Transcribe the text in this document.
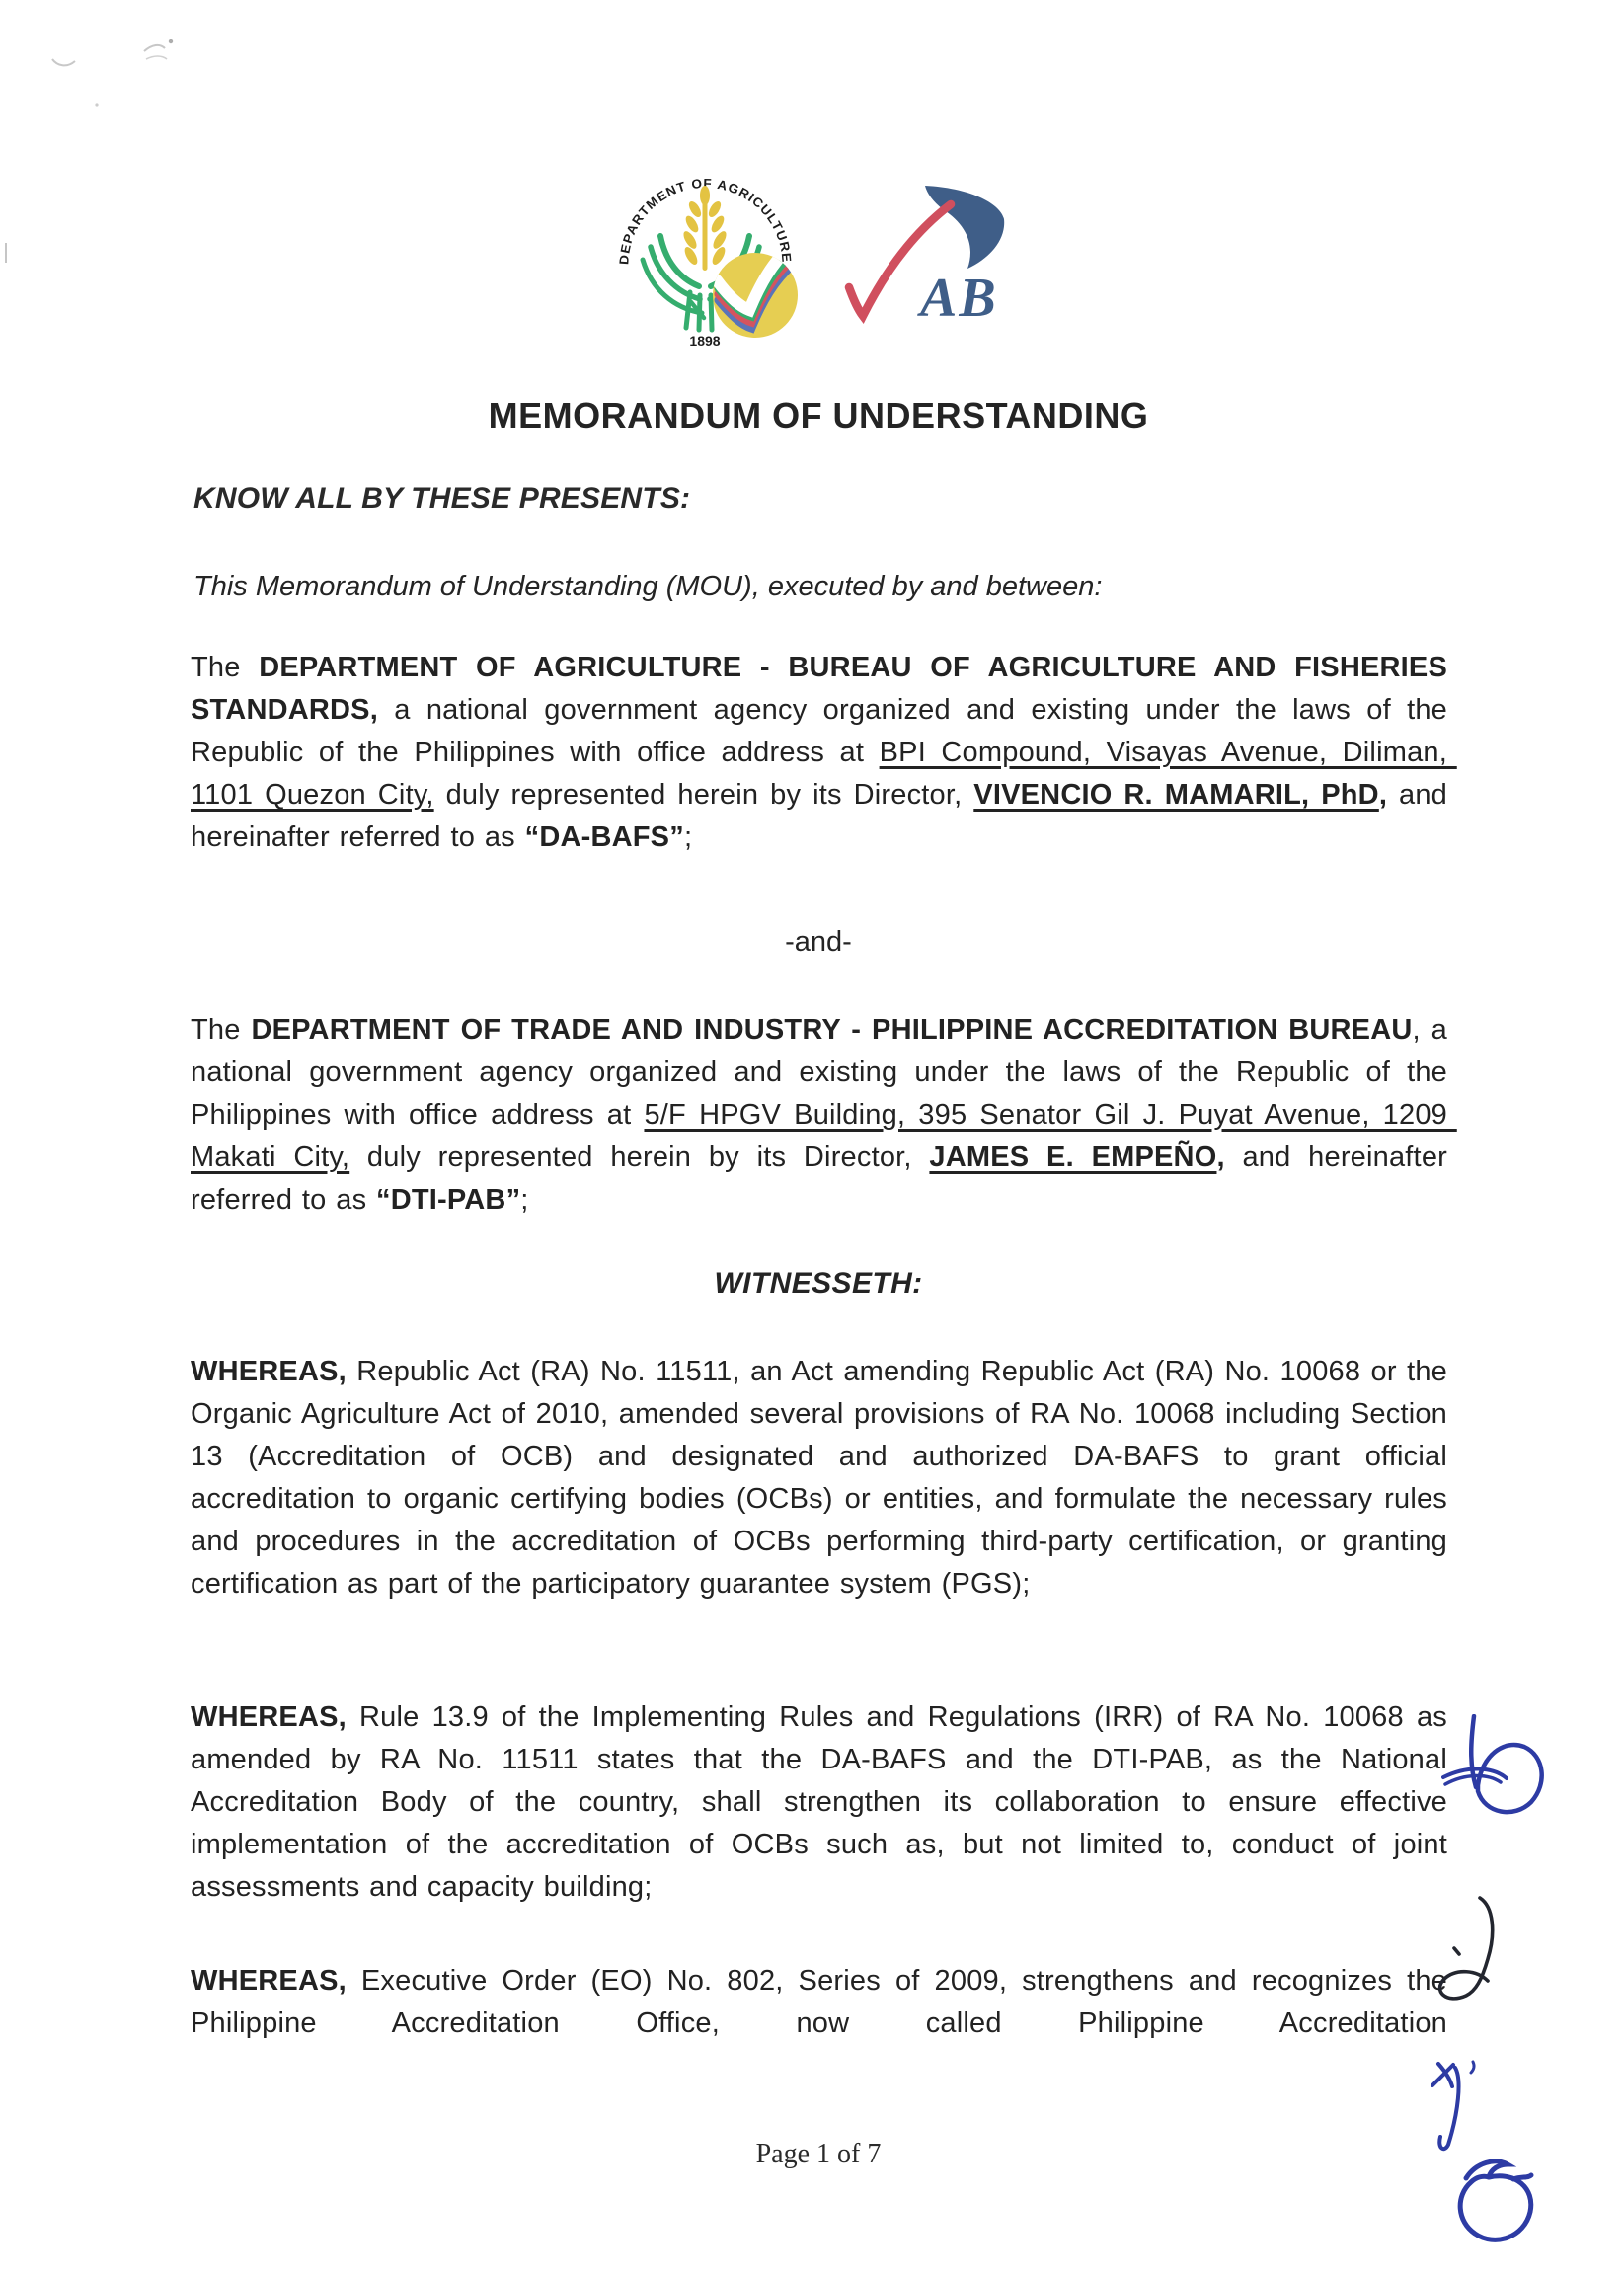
DEPARTMENT OF AGRICULTURE
1898
AB
MEMORANDUM OF UNDERSTANDING
KNOW ALL BY THESE PRESENTS:
This Memorandum of Understanding (MOU), executed by and between:

The DEPARTMENT OF AGRICULTURE - BUREAU OF AGRICULTURE AND FISHERIES STANDARDS, a national government agency organized and existing under the laws of the Republic of the Philippines with office address at BPI Compound, Visayas Avenue, Diliman, 1101 Quezon City, duly represented herein by its Director, VIVENCIO R. MAMARIL, PhD, and hereinafter referred to as “DA-BAFS”;

-and-

The DEPARTMENT OF TRADE AND INDUSTRY - PHILIPPINE ACCREDITATION BUREAU, a national government agency organized and existing under the laws of the Republic of the Philippines with office address at 5/F HPGV Building, 395 Senator Gil J. Puyat Avenue, 1209 Makati City, duly represented herein by its Director, JAMES E. EMPEÑO, and hereinafter referred to as “DTI-PAB”;

WITNESSETH:

WHEREAS, Republic Act (RA) No. 11511, an Act amending Republic Act (RA) No. 10068 or the Organic Agriculture Act of 2010, amended several provisions of RA No. 10068 including Section 13 (Accreditation of OCB) and designated and authorized DA-BAFS to grant official accreditation to organic certifying bodies (OCBs) or entities, and formulate the necessary rules and procedures in the accreditation of OCBs performing third-party certification, or granting certification as part of the participatory guarantee system (PGS);

WHEREAS, Rule 13.9 of the Implementing Rules and Regulations (IRR) of RA No. 10068 as amended by RA No. 11511 states that the DA-BAFS and the DTI-PAB, as the National Accreditation Body of the country, shall strengthen its collaboration to ensure effective implementation of the accreditation of OCBs such as, but not limited to, conduct of joint assessments and capacity building;

WHEREAS, Executive Order (EO) No. 802, Series of 2009, strengthens and recognizes the Philippine Accreditation Office, now called Philippine Accreditation

Page 1 of 7
